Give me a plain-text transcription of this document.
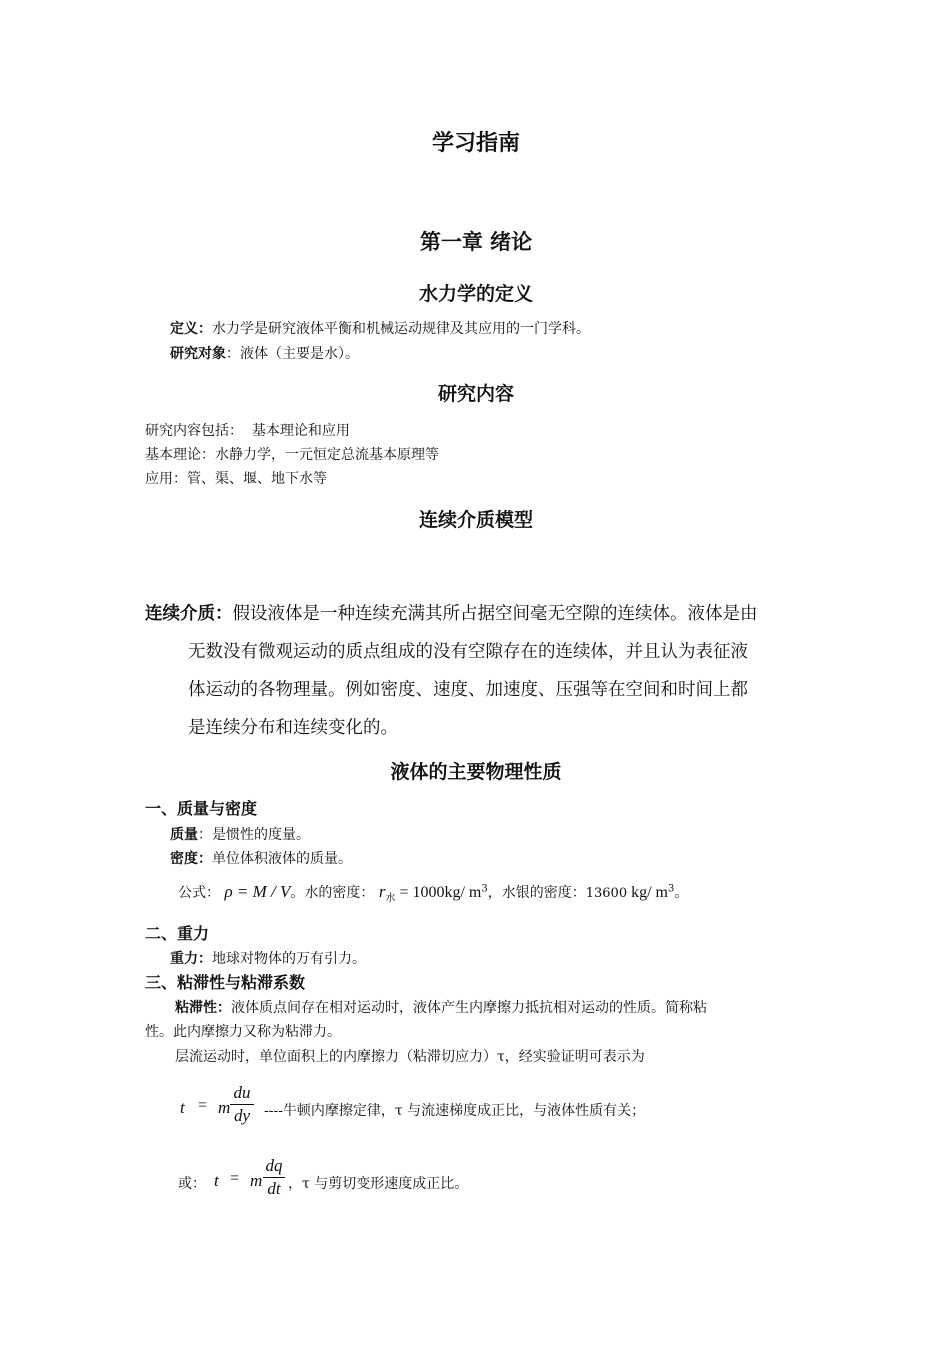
学习指南
第一章 绪论
水力学的定义
定义：水力学是研究液体平衡和机械运动规律及其应用的一门学科。
研究对象：液体（主要是水）。
研究内容
研究内容包括：  基本理论和应用
基本理论：水静力学，一元恒定总流基本原理等
应用：管、渠、堰、地下水等
连续介质模型
连续介质：假设液体是一种连续充满其所占据空间毫无空隙的连续体。液体是由
无数没有微观运动的质点组成的没有空隙存在的连续体，并且认为表征液
体运动的各物理量。例如密度、速度、加速度、压强等在空间和时间上都
是连续分布和连续变化的。
液体的主要物理性质
一、质量与密度
质量：是惯性的度量。
密度：单位体积液体的质量。
公式： ρ = M / V。水的密度： $r_水 = 1000kg/$ $m^3$，水银的密度：13600 kg/ $m^3$。
二、重力
重力：地球对物体的万有引力。
三、粘滞性与粘滞系数
粘滞性：液体质点间存在相对运动时，液体产生内摩擦力抵抗相对运动的性质。简称粘
性。此内摩擦力又称为粘滞力。
层流运动时，单位面积上的内摩擦力（粘滞切应力）τ，经实验证明可表示为
t = m
du
dy ----牛顿内摩擦定律，τ 与流速梯度成正比，与液体性质有关；
或： t = m
dq
dt ，τ 与剪切变形速度成正比。
